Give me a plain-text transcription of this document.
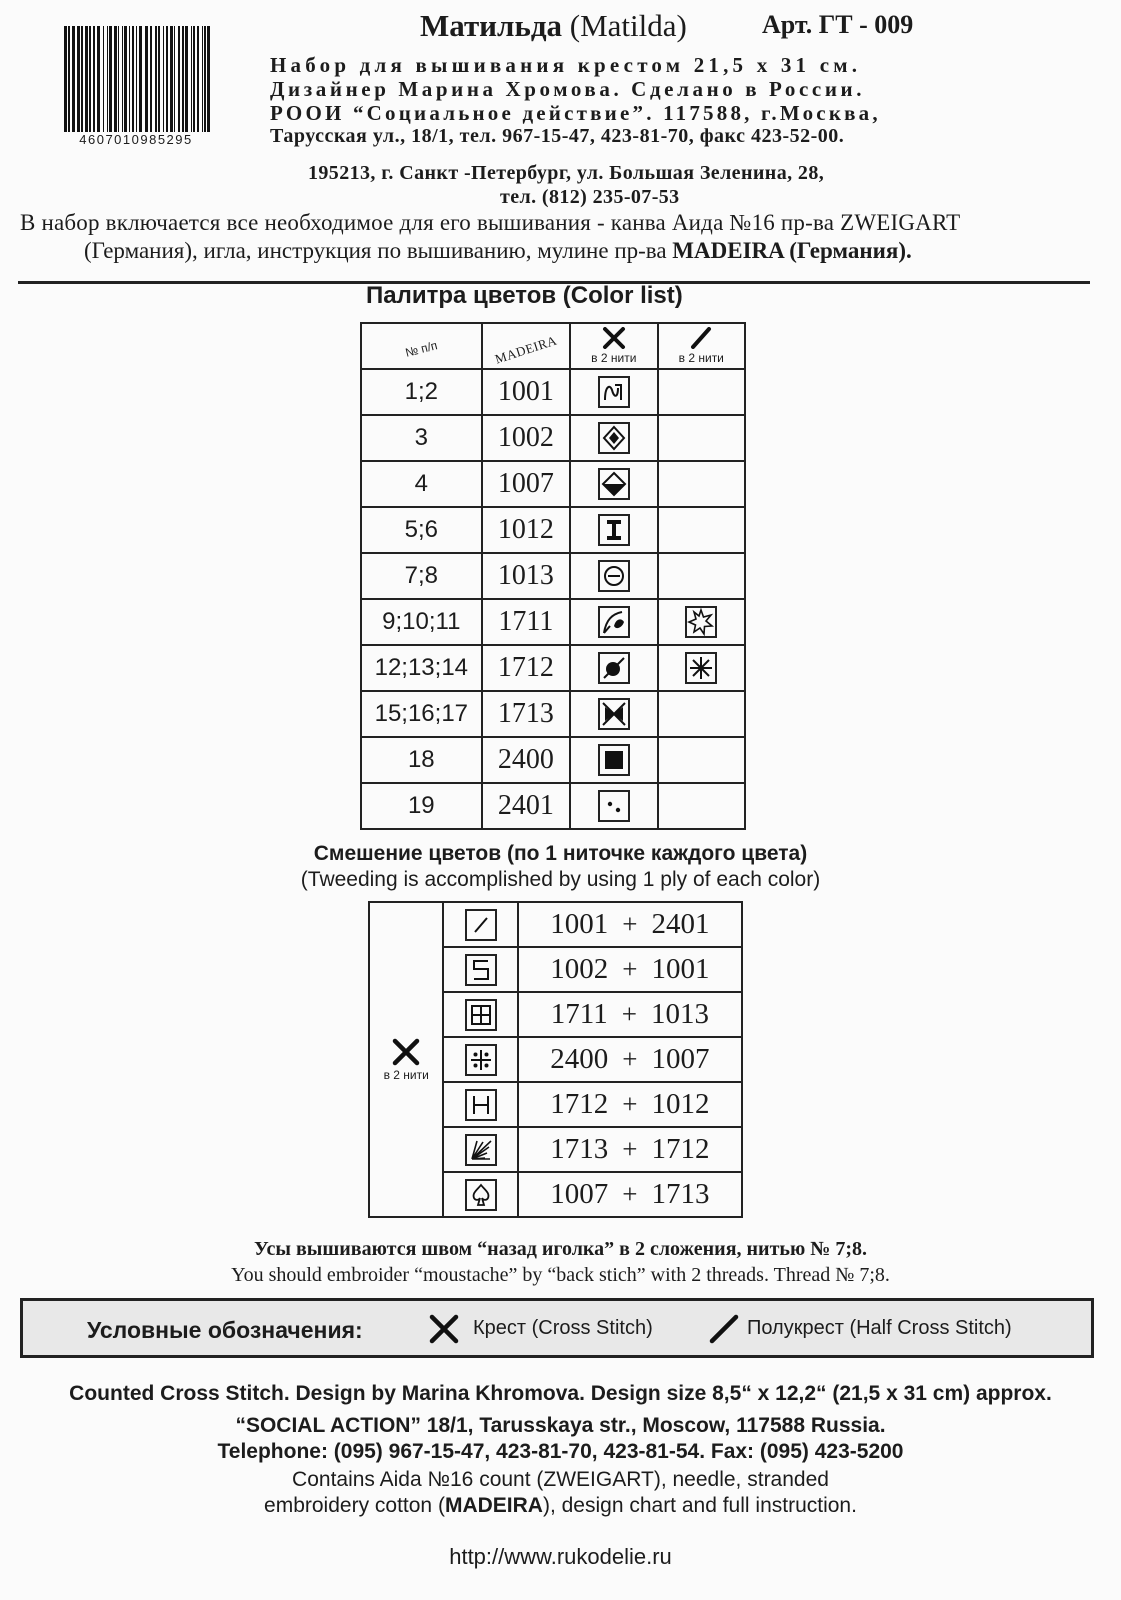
4607010985295
Матильда (Matilda)	Арт. ГТ - 009
Набор для вышивания крестом 21,5 х 31 см.
Дизайнер Марина Хромова. Сделано в России.
РООИ “Социальное действие”. 117588, г.Москва,
Тарусская ул., 18/1, тел. 967-15-47, 423-81-70, факс 423-52-00.
195213, г. Санкт -Петербург, ул. Большая Зеленина, 28,
тел. (812) 235-07-53
В набор включается все необходимое для его вышивания - канва Аида №16 пр-ва ZWEIGART
(Германия), игла, инструкция по вышиванию, мулине пр-ва MADEIRA (Германия).
Палитра цветов (Color list)
№ п/п	MADEIRA	в 2 нити	в 2 нити

1;2	1001	

3	1002	

4	1007	

5;6	1012	

7;8	1013	

9;10;11	1711	

12;13;14	1712	

15;16;17	1713	

18	2400	

19	2401	

Смешение цветов (по 1 ниточке каждого цвета)
(Tweeding is accomplished by using 1 ply of each color)
в 2 нити		1001 + 2401

	1002 + 1001

	1711 + 1013

	2400 + 1007

	1712 + 1012

	1713 + 1712

	1007 + 1713
Усы вышиваются швом “назад иголка” в 2 сложения, нитью № 7;8.
You should embroider “moustache” by “back stich” with 2 threads. Thread № 7;8.
Условные обозначения:	Крест (Cross Stitch)	Полукрест (Half Cross Stitch)
Counted Cross Stitch. Design by Marina Khromova. Design size 8,5“ x 12,2“ (21,5 x 31 cm) approx.
“SOCIAL ACTION” 18/1, Tarusskaya str., Moscow, 117588 Russia.
Telephone: (095) 967-15-47, 423-81-70, 423-81-54. Fax: (095) 423-5200
Contains Aida №16 count (ZWEIGART), needle, stranded
embroidery cotton (MADEIRA), design chart and full instruction.
http://www.rukodelie.ru
